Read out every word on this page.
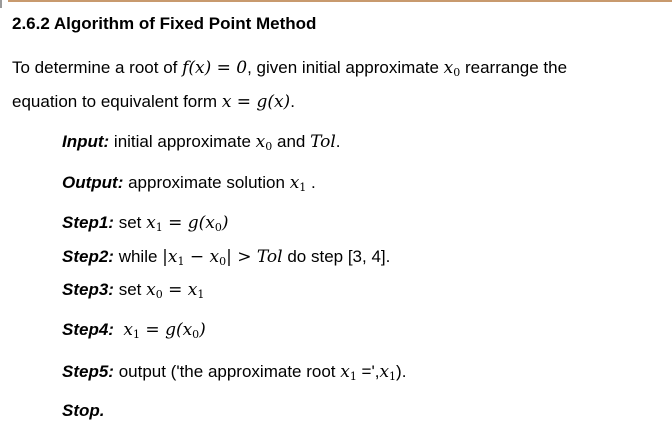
2.6.2 Algorithm of Fixed Point Method
To determine a root of f(x) = 0, given initial approximate $x_0$ rearrange the
equation to equivalent form x = g(x).
Input: initial approximate $x_0$ and Tol.
Output: approximate solution $x_1$ .
Step1: set $x_1 = g(x_0)$
Step2: while $|x_1 - x_0|$ > Tol do step [3, 4].
Step3: set $x_0 = x_1$
Step4: $x_1 = g(x_0)$
Step5: output ('the approximate root $x_1 =',x_1$).
Stop.
